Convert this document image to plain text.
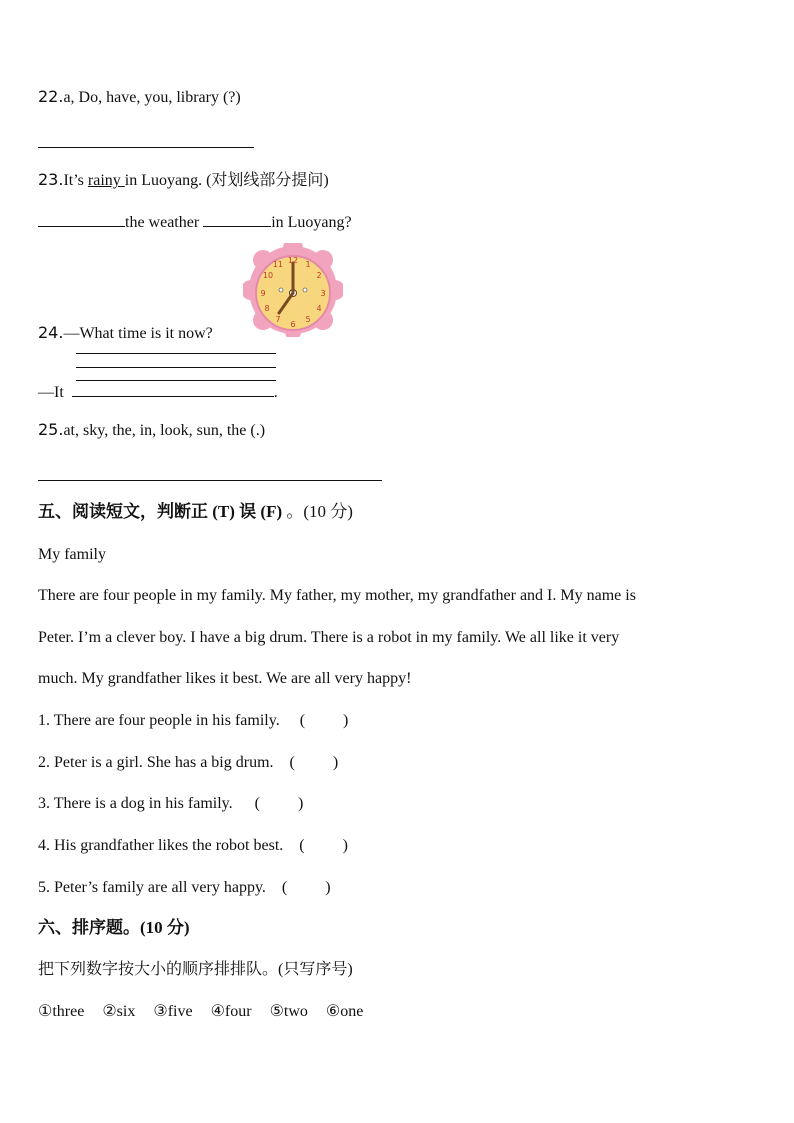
22.a, Do, have, you, library (?)
23.It’s rainy in Luoyang. (对划线部分提问)
the weather	in Luoyang?
12 1
2
3
4
5
6
7
8
9
10
11
24.—What time is it now?
—It	.
25.at, sky, the, in, look, sun, the (.)
五、阅读短文，判断正 (T) 误 (F) 。(10 分)
My family
There are four people in my family. My father, my mother, my grandfather and I. My name is
Peter. I’m a clever boy. I have a big drum. There is a robot in my family. We all like it very
much. My grandfather likes it best. We are all very happy!
1. There are four people in his family. ( )
2. Peter is a girl. She has a big drum. ( )
3. There is a dog in his family. ( )
4. His grandfather likes the robot best. ( )
5. Peter’s family are all very happy. ( )
六、排序题。(10 分)
把下列数字按大小的顺序排排队。(只写序号)
①three ②six ③five ④four ⑤two ⑥one
